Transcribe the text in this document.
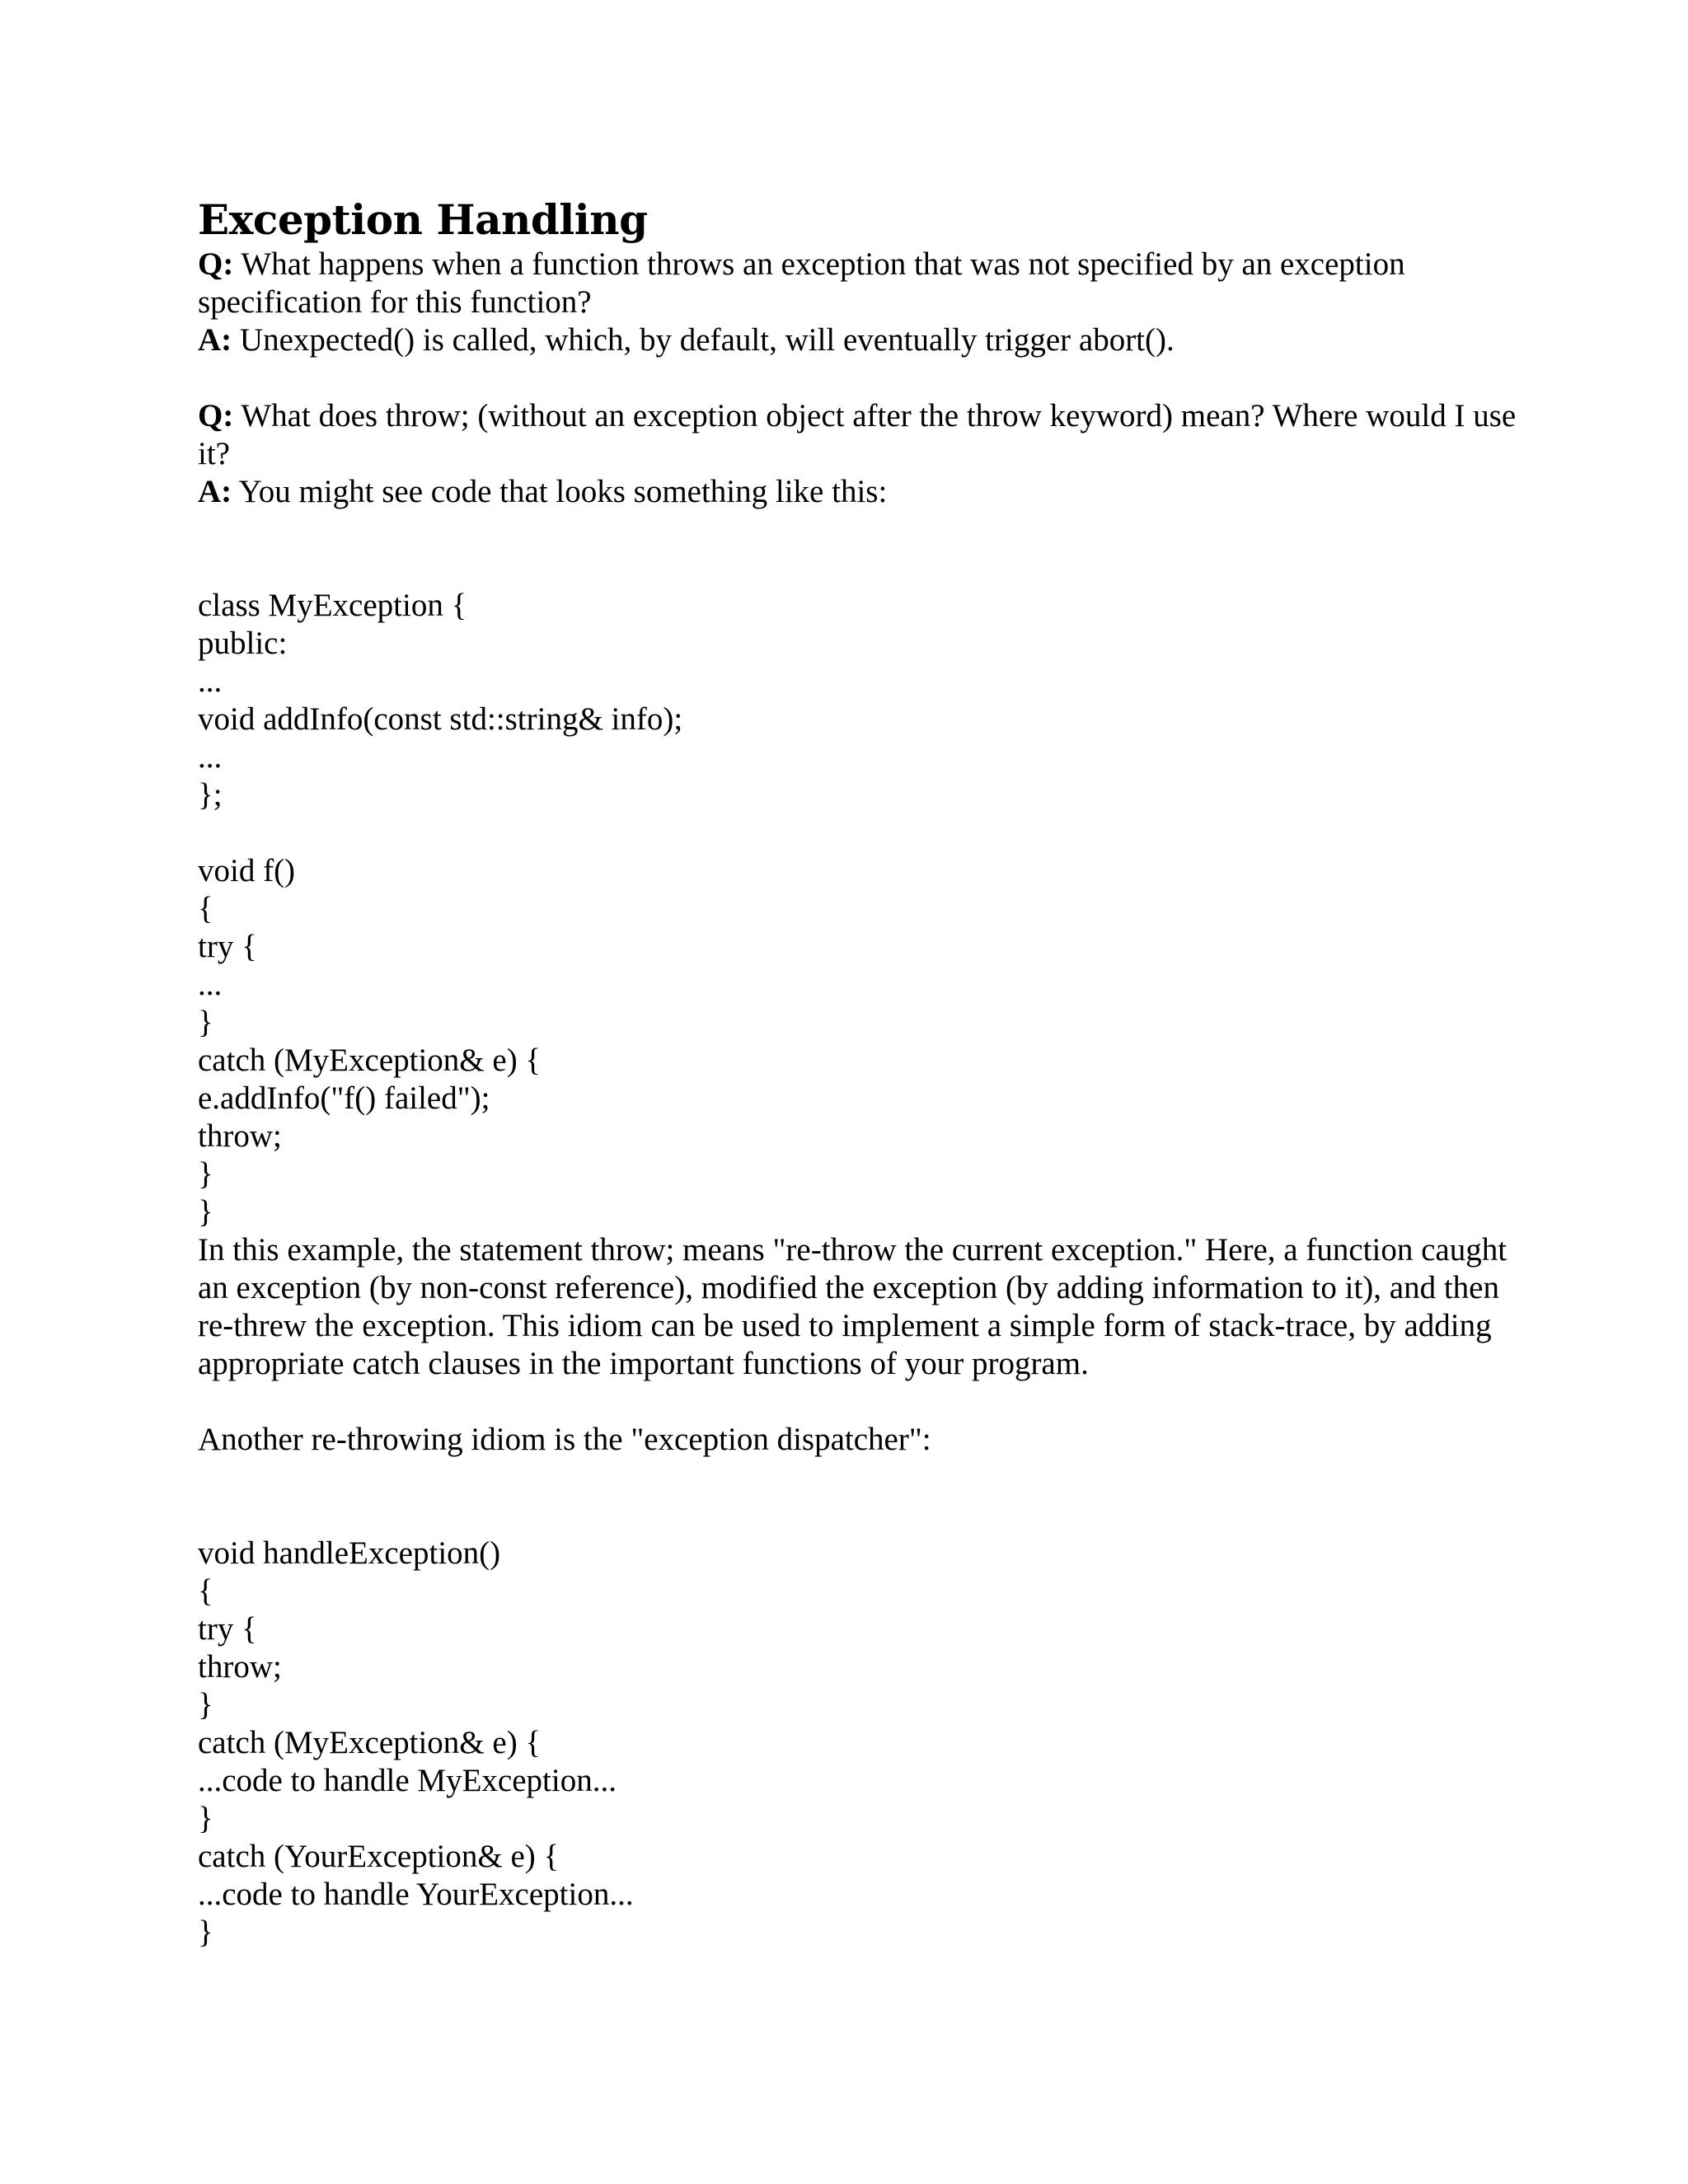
Exception Handling

Q: What happens when a function throws an exception that was not specified by an exception specification for this function?

A: Unexpected() is called, which, by default, will eventually trigger abort().

Q: What does throw; (without an exception object after the throw keyword) mean? Where would I use it?

A: You might see code that looks something like this:

class MyException {
public:
...
void addInfo(const std::string& info);
...
};
void f()
{
try {
...
}
catch (MyException& e) {
e.addInfo("f() failed");
throw;
}
}

In this example, the statement throw; means "re-throw the current exception." Here, a function caught an exception (by non-const reference), modified the exception (by adding information to it), and then re-threw the exception. This idiom can be used to implement a simple form of stack-trace, by adding appropriate catch clauses in the important functions of your program.

Another re-throwing idiom is the "exception dispatcher":

void handleException()
{
try {
throw;
}
catch (MyException& e) {
...code to handle MyException...
}
catch (YourException& e) {
...code to handle YourException...
}
